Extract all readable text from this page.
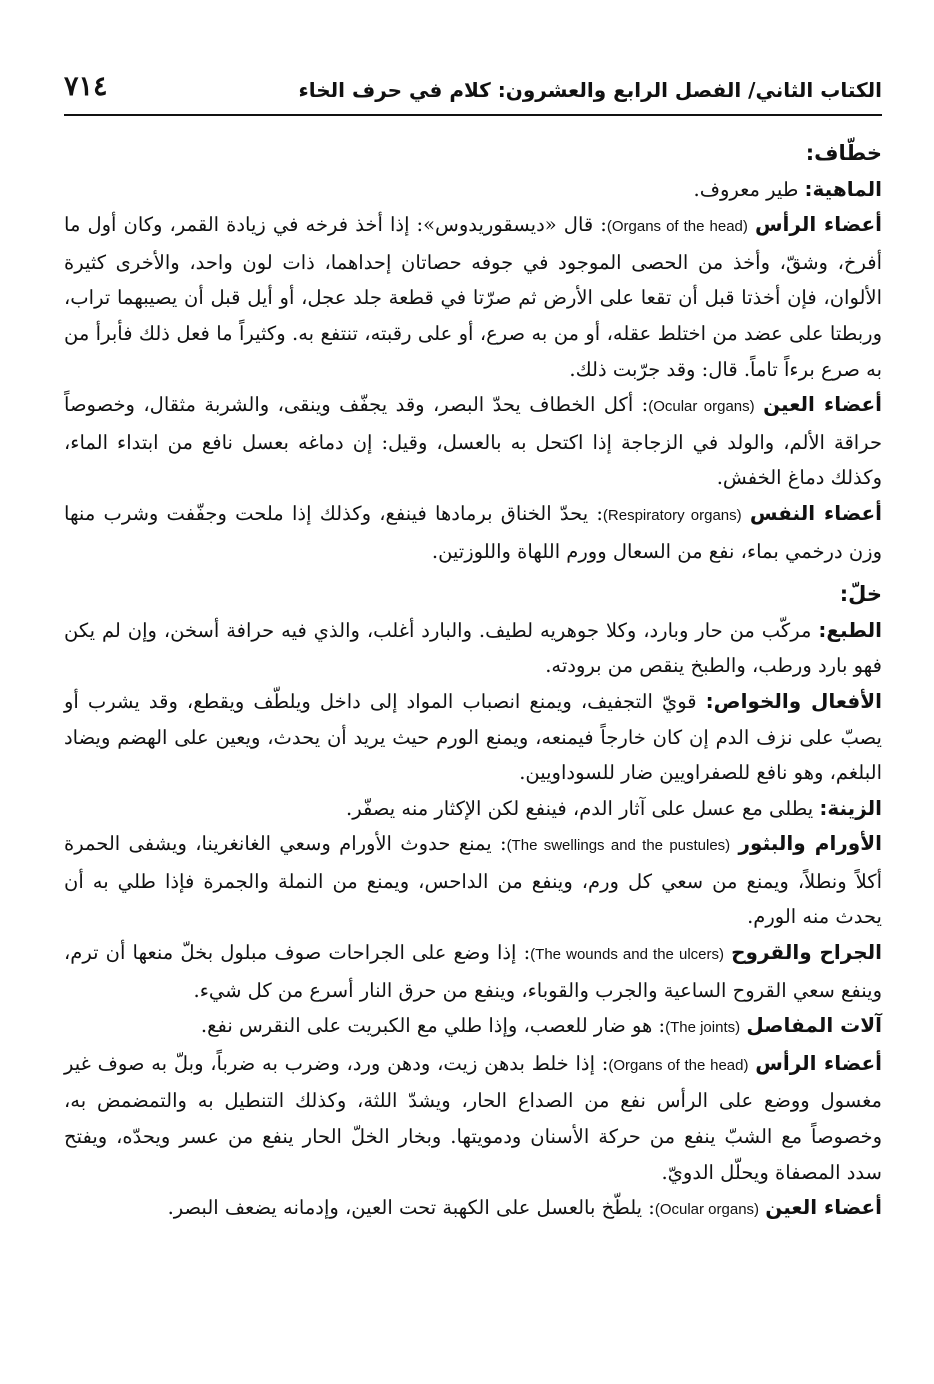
٧١٤	الكتاب الثاني/ الفصل الرابع والعشرون: كلام في حرف الخاء
خطّاف:

الماهية: طير معروف.

أعضاء الرأس (Organs of the head): قال «ديسقوريدوس»: إذا أخذ فرخه في زيادة القمر، وكان أول ما أفرخ، وشقّ، وأخذ من الحصى الموجود في جوفه حصاتان إحداهما، ذات لون واحد، والأخرى كثيرة الألوان، فإن أخذتا قبل أن تقعا على الأرض ثم صرّتا في قطعة جلد عجل، أو أيل قبل أن يصيبهما تراب، وربطتا على عضد من اختلط عقله، أو من به صرع، أو على رقبته، تنتفع به. وكثيراً ما فعل ذلك فأبرأ من به صرع برءاً تاماً. قال: وقد جرّبت ذلك.

أعضاء العين (Ocular organs): أكل الخطاف يحدّ البصر، وقد يجفّف وينقى، والشربة مثقال، وخصوصاً حراقة الألم، والولد في الزجاجة إذا اكتحل به بالعسل، وقيل: إن دماغه بعسل نافع من ابتداء الماء، وكذلك دماغ الخفش.

أعضاء النفس (Respiratory organs): يحدّ الخناق برمادها فينفع، وكذلك إذا ملحت وجفّفت وشرب منها وزن درخمي بماء، نفع من السعال وورم اللهاة واللوزتين.

خلّ:

الطبع: مركّب من حار وبارد، وكلا جوهريه لطيف. والبارد أغلب، والذي فيه حرافة أسخن، وإن لم يكن فهو بارد ورطب، والطبخ ينقص من برودته.

الأفعال والخواص: قويّ التجفيف، ويمنع انصباب المواد إلى داخل ويلطّف ويقطع، وقد يشرب أو يصبّ على نزف الدم إن كان خارجاً فيمنعه، ويمنع الورم حيث يريد أن يحدث، ويعين على الهضم ويضاد البلغم، وهو نافع للصفراويين ضار للسوداويين.

الزينة: يطلى مع عسل على آثار الدم، فينفع لكن الإكثار منه يصفّر.

الأورام والبثور (The swellings and the pustules): يمنع حدوث الأورام وسعي الغانغرينا، ويشفى الحمرة أكلاً ونطلاً، ويمنع من سعي كل ورم، وينفع من الداحس، ويمنع من النملة والجمرة فإذا طلي به أن يحدث منه الورم.

الجراح والقروح (The wounds and the ulcers): إذا وضع على الجراحات صوف مبلول بخلّ منعها أن ترم، وينفع سعي القروح الساعية والجرب والقوباء، وينفع من حرق النار أسرع من كل شيء.

آلات المفاصل (The joints): هو ضار للعصب، وإذا طلي مع الكبريت على النقرس نفع.

أعضاء الرأس (Organs of the head): إذا خلط بدهن زيت، ودهن ورد، وضرب به ضرباً، وبلّ به صوف غير مغسول ووضع على الرأس نفع من الصداع الحار، ويشدّ اللثة، وكذلك التنطيل به والتمضمض به، وخصوصاً مع الشبّ ينفع من حركة الأسنان ودمويتها. وبخار الخلّ الحار ينفع من عسر ويحدّه، ويفتح سدد المصفاة ويحلّل الدويّ.

أعضاء العين (Ocular organs): يلطّخ بالعسل على الكهبة تحت العين، وإدمانه يضعف البصر.
